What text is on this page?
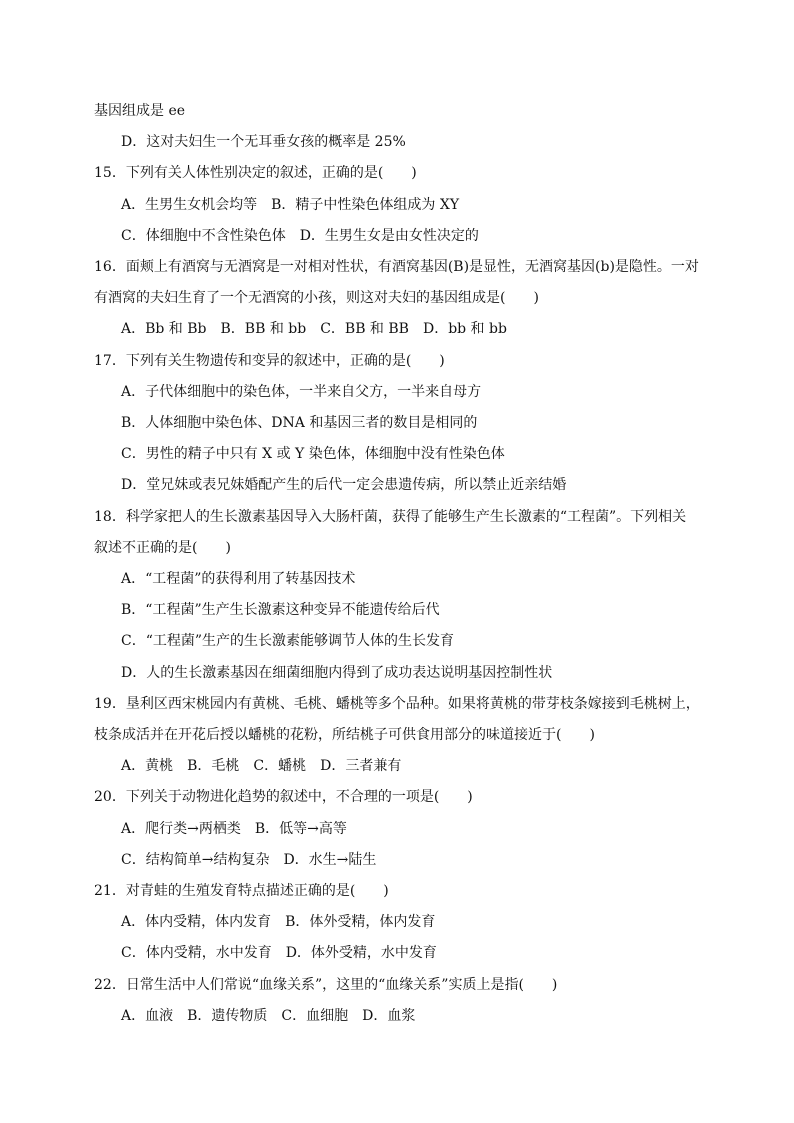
基因组成是 ee
D．这对夫妇生一个无耳垂女孩的概率是 25%
15．下列有关人体性别决定的叙述，正确的是(　　)
A．生男生女机会均等　B．精子中性染色体组成为 XY
C．体细胞中不含性染色体　D．生男生女是由女性决定的
16．面颊上有酒窝与无酒窝是一对相对性状，有酒窝基因(B)是显性，无酒窝基因(b)是隐性。一对
有酒窝的夫妇生育了一个无酒窝的小孩，则这对夫妇的基因组成是(　　)
A．Bb 和 Bb　B．BB 和 bb　C．BB 和 BB　D．bb 和 bb
17．下列有关生物遗传和变异的叙述中，正确的是(　　)
A．子代体细胞中的染色体，一半来自父方，一半来自母方
B．人体细胞中染色体、DNA 和基因三者的数目是相同的
C．男性的精子中只有 X 或 Y 染色体，体细胞中没有性染色体
D．堂兄妹或表兄妹婚配产生的后代一定会患遗传病，所以禁止近亲结婚
18．科学家把人的生长激素基因导入大肠杆菌，获得了能够生产生长激素的“工程菌”。下列相关
叙述不正确的是(　　)
A．“工程菌”的获得利用了转基因技术
B．“工程菌”生产生长激素这种变异不能遗传给后代
C．“工程菌”生产的生长激素能够调节人体的生长发育
D．人的生长激素基因在细菌细胞内得到了成功表达说明基因控制性状
19．垦利区西宋桃园内有黄桃、毛桃、蟠桃等多个品种。如果将黄桃的带芽枝条嫁接到毛桃树上，
枝条成活并在开花后授以蟠桃的花粉，所结桃子可供食用部分的味道接近于(　　)
A．黄桃　B．毛桃　C．蟠桃　D．三者兼有
20．下列关于动物进化趋势的叙述中，不合理的一项是(　　)
A．爬行类→两栖类　B．低等→高等
C．结构简单→结构复杂　D．水生→陆生
21．对青蛙的生殖发育特点描述正确的是(　　)
A．体内受精，体内发育　B．体外受精，体内发育
C．体内受精，水中发育　D．体外受精，水中发育
22．日常生活中人们常说“血缘关系”，这里的“血缘关系”实质上是指(　　)
A．血液　B．遗传物质　C．血细胞　D．血浆
